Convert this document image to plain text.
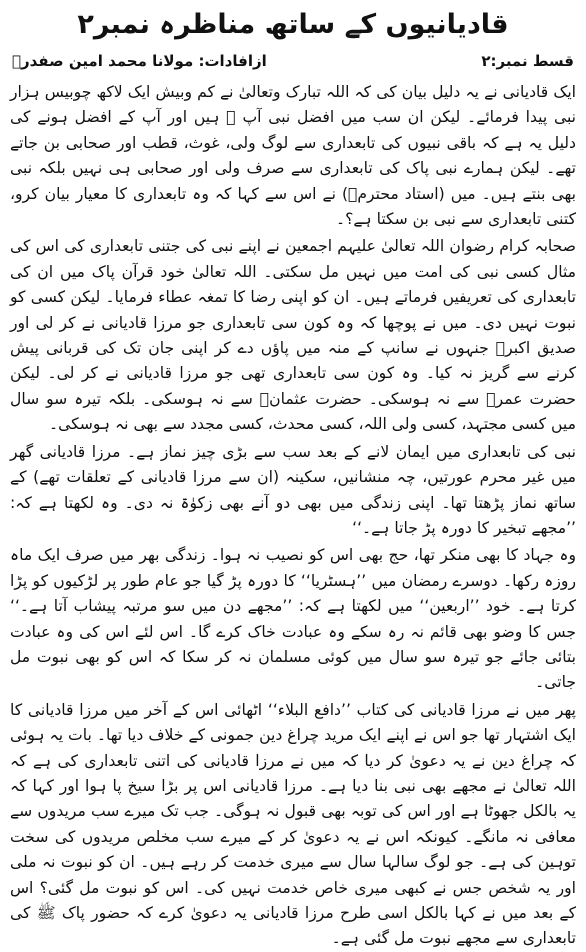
قادیانیوں کے ساتھ مناظرہ نمبر۲
قسط نمبر:۲
ازافادات: مولانا محمد امین صفدرؒ

ایک قادیانی نے یہ دلیل بیان کی کہ اللہ تبارک وتعالیٰ نے کم وبیش ایک لاکھ چوبیس ہزار نبی پیدا فرمائے۔ لیکن ان سب میں افضل نبی آپ ﷺ ہیں اور آپ کے افضل ہونے کی دلیل یہ ہے کہ باقی نبیوں کی تابعداری سے لوگ ولی، غوث، قطب اور صحابی بن جاتے تھے۔ لیکن ہمارے نبی پاک کی تابعداری سے صرف ولی اور صحابی ہی نہیں بلکہ نبی بھی بنتے ہیں۔ میں (استاد محترمؒ) نے اس سے کہا کہ وہ تابعداری کا معیار بیان کرو، کتنی تابعداری سے نبی بن سکتا ہے؟۔

صحابہ کرام رضوان اللہ تعالیٰ علیہم اجمعین نے اپنے نبی کی جتنی تابعداری کی اس کی مثال کسی نبی کی امت میں نہیں مل سکتی۔ اللہ تعالیٰ خود قرآن پاک میں ان کی تابعداری کی تعریفیں فرماتے ہیں۔ ان کو اپنی رضا کا تمغہ عطاء فرمایا۔ لیکن کسی کو نبوت نہیں دی۔ میں نے پوچھا کہ وہ کون سی تابعداری جو مرزا قادیانی نے کر لی اور صدیق اکبرؓ جنہوں نے سانپ کے منہ میں پاؤں دے کر اپنی جان تک کی قربانی پیش کرنے سے گریز نہ کیا۔ وہ کون سی تابعداری تھی جو مرزا قادیانی نے کر لی۔ لیکن حضرت عمرؓ سے نہ ہوسکی۔ حضرت عثمانؓ سے نہ ہوسکی۔ بلکہ تیرہ سو سال میں کسی مجتہد، کسی ولی اللہ، کسی محدث، کسی مجدد سے بھی نہ ہوسکی۔

نبی کی تابعداری میں ایمان لانے کے بعد سب سے بڑی چیز نماز ہے۔ مرزا قادیانی گھر میں غیر محرم عورتیں، چہ منشانیں، سکینہ (ان سے مرزا قادیانی کے تعلقات تھے) کے ساتھ نماز پڑھتا تھا۔ اپنی زندگی میں بھی دو آنے بھی زکوٰۃ نہ دی۔ وہ لکھتا ہے کہ: ’’مجھے تبخیر کا دورہ پڑ جاتا ہے۔‘‘

وہ جہاد کا بھی منکر تھا، حج بھی اس کو نصیب نہ ہوا۔ زندگی بھر میں صرف ایک ماہ روزہ رکھا۔ دوسرے رمضان میں ’’ہسٹریا‘‘ کا دورہ پڑ گیا جو عام طور پر لڑکیوں کو پڑا کرتا ہے۔ خود ’’اربعین‘‘ میں لکھتا ہے کہ: ’’مجھے دن میں سو مرتبہ پیشاب آتا ہے۔‘‘ جس کا وضو بھی قائم نہ رہ سکے وہ عبادت خاک کرے گا۔ اس لئے اس کی وہ عبادت بتائی جائے جو تیرہ سو سال میں کوئی مسلمان نہ کر سکا کہ اس کو بھی نبوت مل جاتی۔

پھر میں نے مرزا قادیانی کی کتاب ’’دافع البلاء‘‘ اٹھائی اس کے آخر میں مرزا قادیانی کا ایک اشتہار تھا جو اس نے اپنے ایک مرید چراغ دین جمونی کے خلاف دیا تھا۔ بات یہ ہوئی کہ چراغ دین نے یہ دعویٰ کر دیا کہ میں نے مرزا قادیانی کی اتنی تابعداری کی ہے کہ اللہ تعالیٰ نے مجھے بھی نبی بنا دیا ہے۔ مرزا قادیانی اس پر بڑا سیخ پا ہوا اور کہا کہ یہ بالکل جھوٹا ہے اور اس کی توبہ بھی قبول نہ ہوگی۔ جب تک میرے سب مریدوں سے معافی نہ مانگے۔ کیونکہ اس نے یہ دعویٰ کر کے میرے سب مخلص مریدوں کی سخت توہین کی ہے۔ جو لوگ سالہا سال سے میری خدمت کر رہے ہیں۔ ان کو نبوت نہ ملی اور یہ شخص جس نے کبھی میری خاص خدمت نہیں کی۔ اس کو نبوت مل گئی؟ اس کے بعد میں نے کہا بالکل اسی طرح مرزا قادیانی یہ دعویٰ کرے کہ حضور پاک ﷺ کی تابعداری سے مجھے نبوت مل گئی ہے۔
